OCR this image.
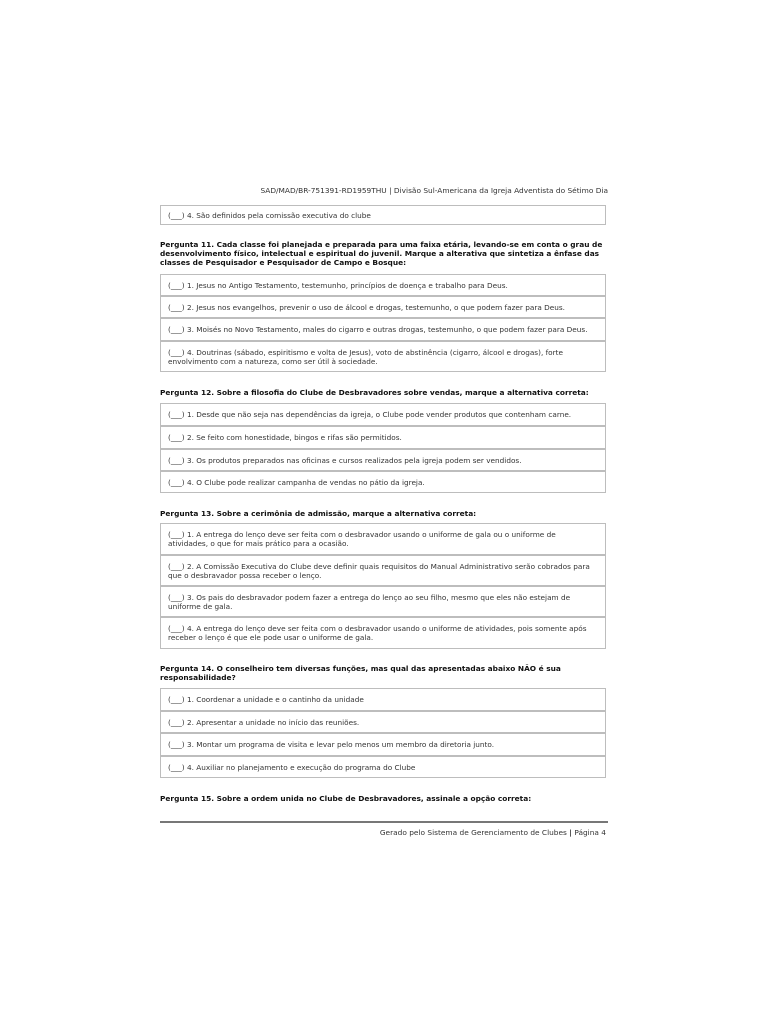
SAD/MAD/BR-751391-RD1959THU | Divisão Sul-Americana da Igreja Adventista do Sétimo Dia
(___) 4. São definidos pela comissão executiva do clube
Pergunta 11. Cada classe foi planejada e preparada para uma faixa etária, levando-se em conta o grau de desenvolvimento físico, intelectual e espiritual do juvenil. Marque a alterativa que sintetiza a ênfase das classes de Pesquisador e Pesquisador de Campo e Bosque:
(___) 1. Jesus no Antigo Testamento, testemunho, princípios de doença e trabalho para Deus.
(___) 2. Jesus nos evangelhos, prevenir o uso de álcool e drogas, testemunho, o que podem fazer para Deus.
(___) 3. Moisés no Novo Testamento, males do cigarro e outras drogas, testemunho, o que podem fazer para Deus.
(___) 4. Doutrinas (sábado, espiritismo e volta de Jesus), voto de abstinência (cigarro, álcool e drogas), forte envolvimento com a natureza, como ser útil à sociedade.
Pergunta 12. Sobre a filosofia do Clube de Desbravadores sobre vendas, marque a alternativa correta:
(___) 1. Desde que não seja nas dependências da igreja, o Clube pode vender produtos que contenham carne.
(___) 2. Se feito com honestidade, bingos e rifas são permitidos.
(___) 3. Os produtos preparados nas oficinas e cursos realizados pela igreja podem ser vendidos.
(___) 4. O Clube pode realizar campanha de vendas no pátio da igreja.
Pergunta 13. Sobre a cerimônia de admissão, marque a alternativa correta:
(___) 1. A entrega do lenço deve ser feita com o desbravador usando o uniforme de gala ou o uniforme de atividades, o que for mais prático para a ocasião.
(___) 2. A Comissão Executiva do Clube deve definir quais requisitos do Manual Administrativo serão cobrados para que o desbravador possa receber o lenço.
(___) 3. Os pais do desbravador podem fazer a entrega do lenço ao seu filho, mesmo que eles não estejam de uniforme de gala.
(___) 4. A entrega do lenço deve ser feita com o desbravador usando o uniforme de atividades, pois somente após receber o lenço é que ele pode usar o uniforme de gala.
Pergunta 14. O conselheiro tem diversas funções, mas qual das apresentadas abaixo NÃO é sua responsabilidade?
(___) 1. Coordenar a unidade e o cantinho da unidade
(___) 2. Apresentar a unidade no início das reuniões.
(___) 3. Montar um programa de visita e levar pelo menos um membro da diretoria junto.
(___) 4. Auxiliar no planejamento e execução do programa do Clube
Pergunta 15. Sobre a ordem unida no Clube de Desbravadores, assinale a opção correta:
Gerado pelo Sistema de Gerenciamento de Clubes | Página 4
